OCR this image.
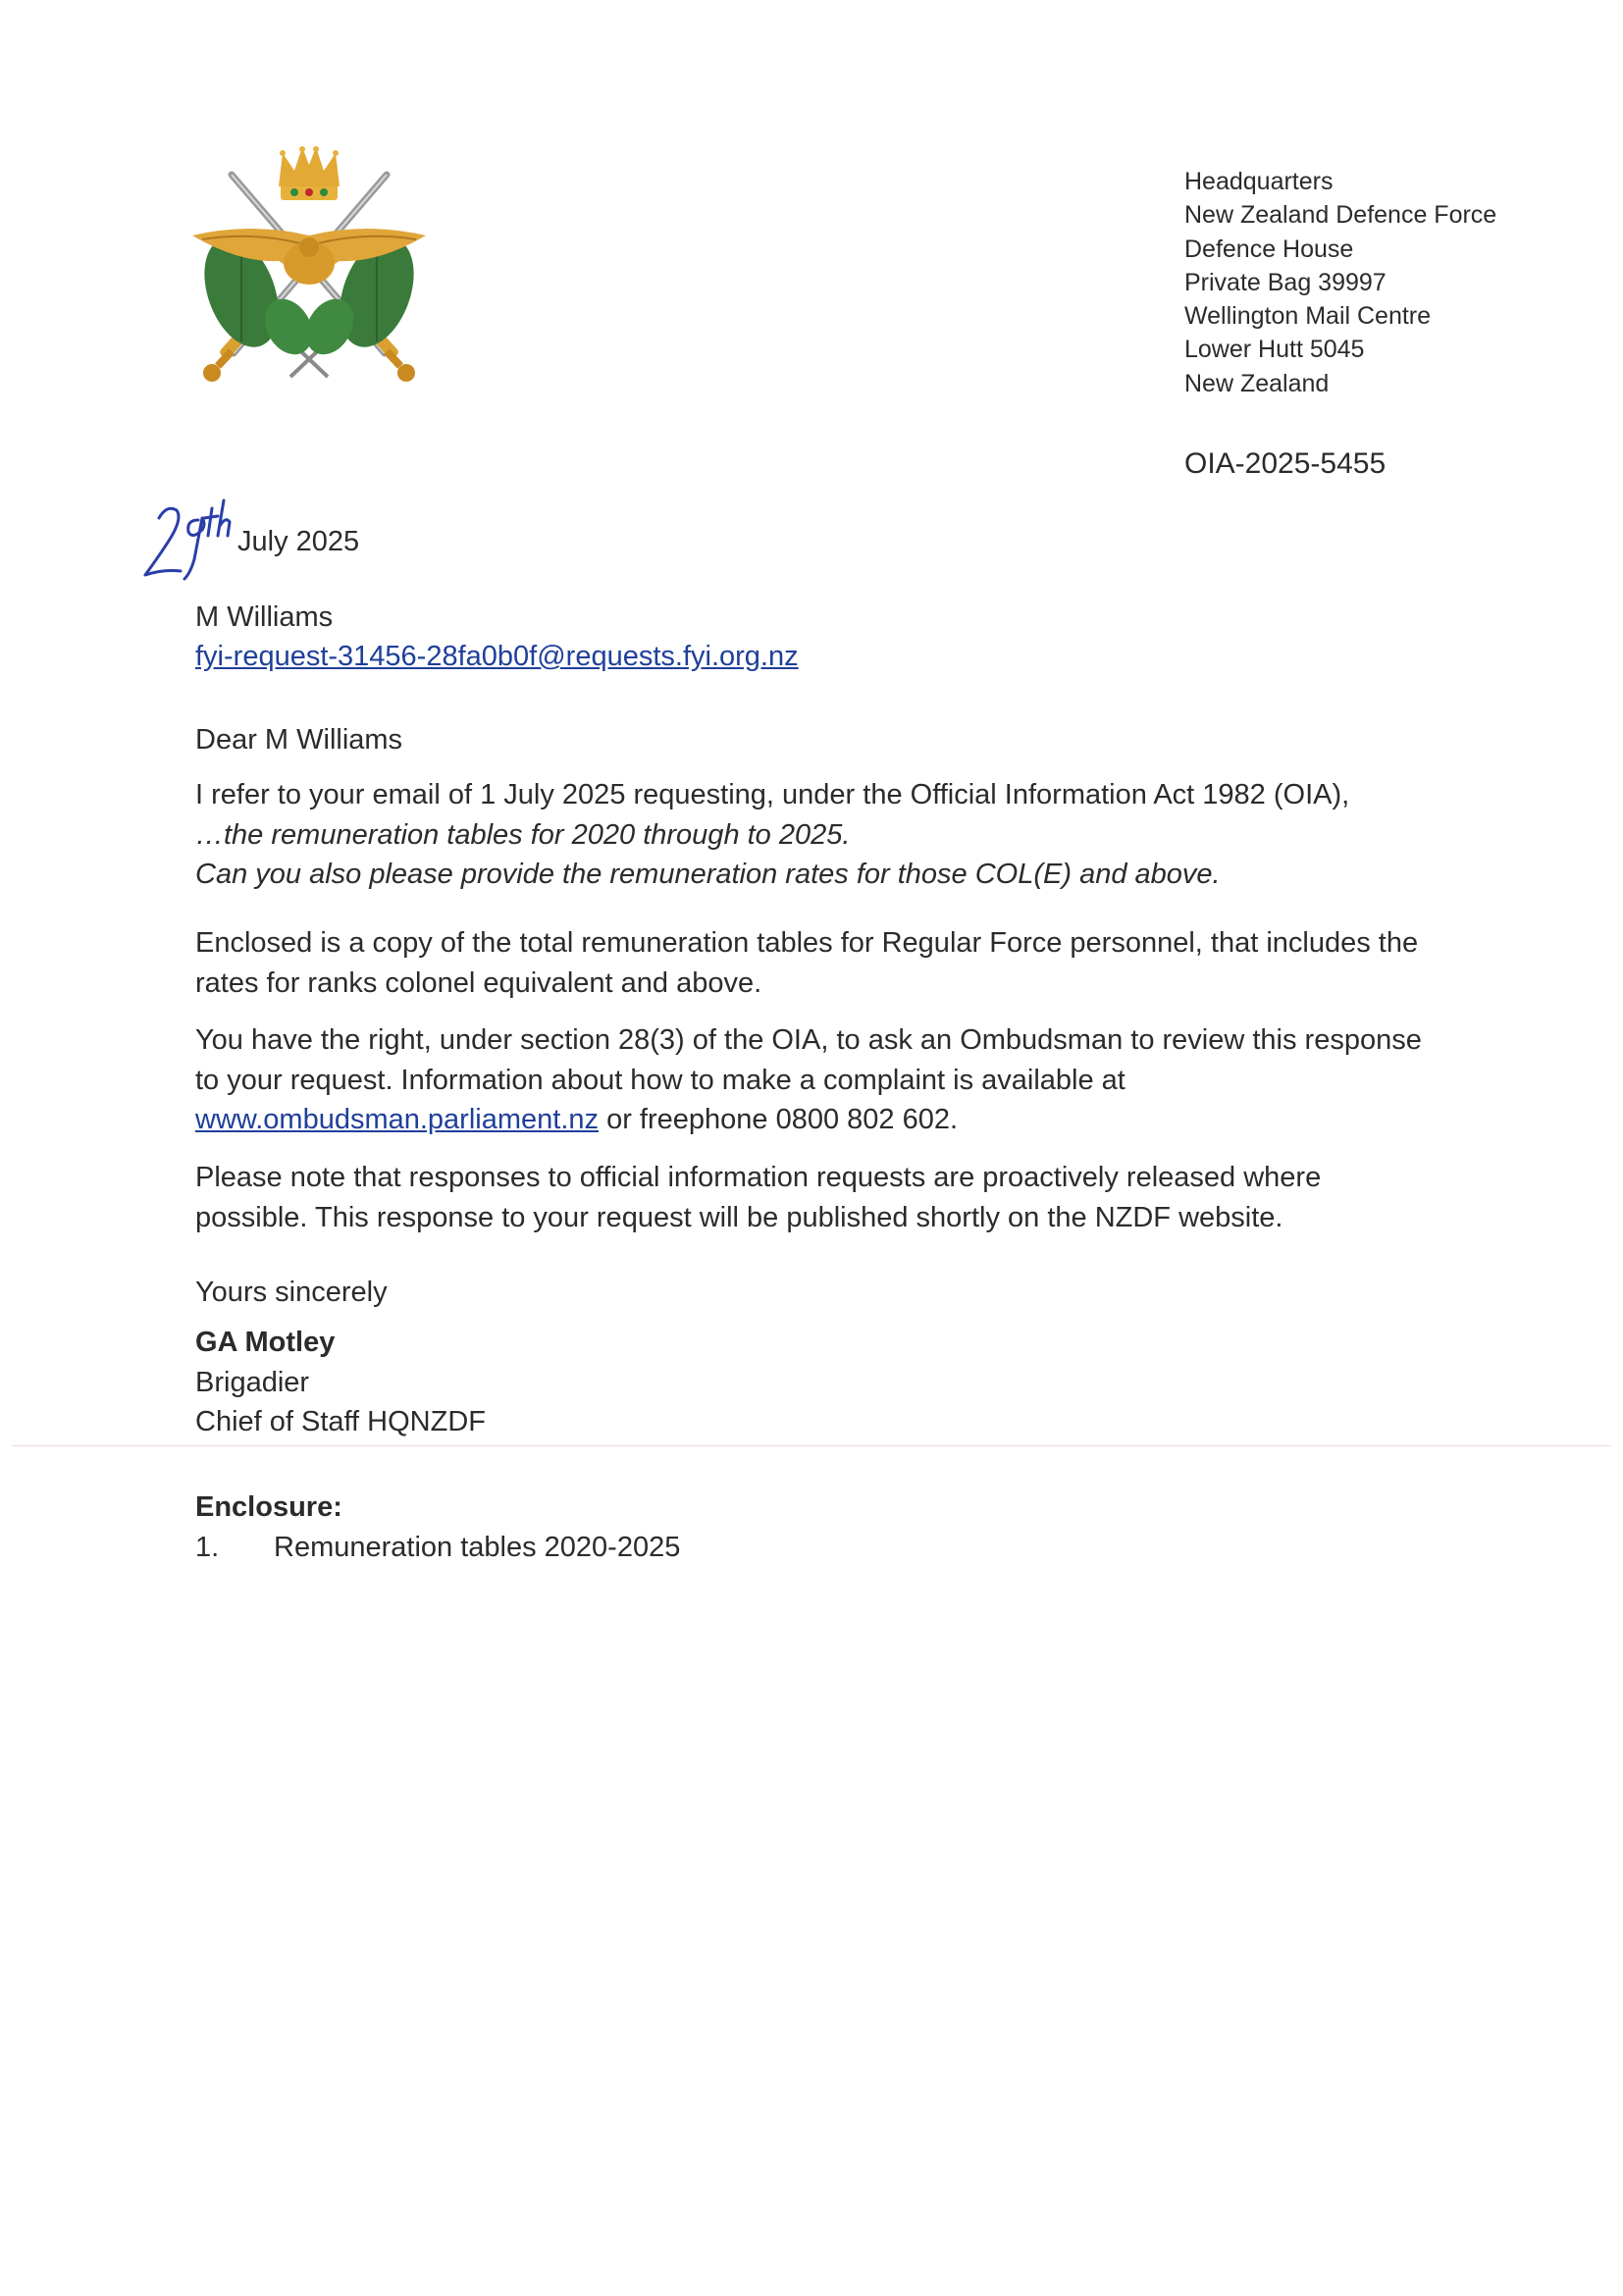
Headquarters
New Zealand Defence Force
Defence House
Private Bag 39997
Wellington Mail Centre
Lower Hutt 5045
New Zealand
OIA-2025-5455
July 2025
M Williams
fyi-request-31456-28fa0b0f@requests.fyi.org.nz
Dear M Williams
I refer to your email of 1 July 2025 requesting, under the Official Information Act 1982 (OIA),
…the remuneration tables for 2020 through to 2025.
Can you also please provide the remuneration rates for those COL(E) and above.
Enclosed is a copy of the total remuneration tables for Regular Force personnel, that includes the rates for ranks colonel equivalent and above.
You have the right, under section 28(3) of the OIA, to ask an Ombudsman to review this response to your request. Information about how to make a complaint is available at www.ombudsman.parliament.nz or freephone 0800 802 602.
Please note that responses to official information requests are proactively released where possible. This response to your request will be published shortly on the NZDF website.
Yours sincerely
GA Motley
Brigadier
Chief of Staff HQNZDF
Enclosure:
1. Remuneration tables 2020-2025
